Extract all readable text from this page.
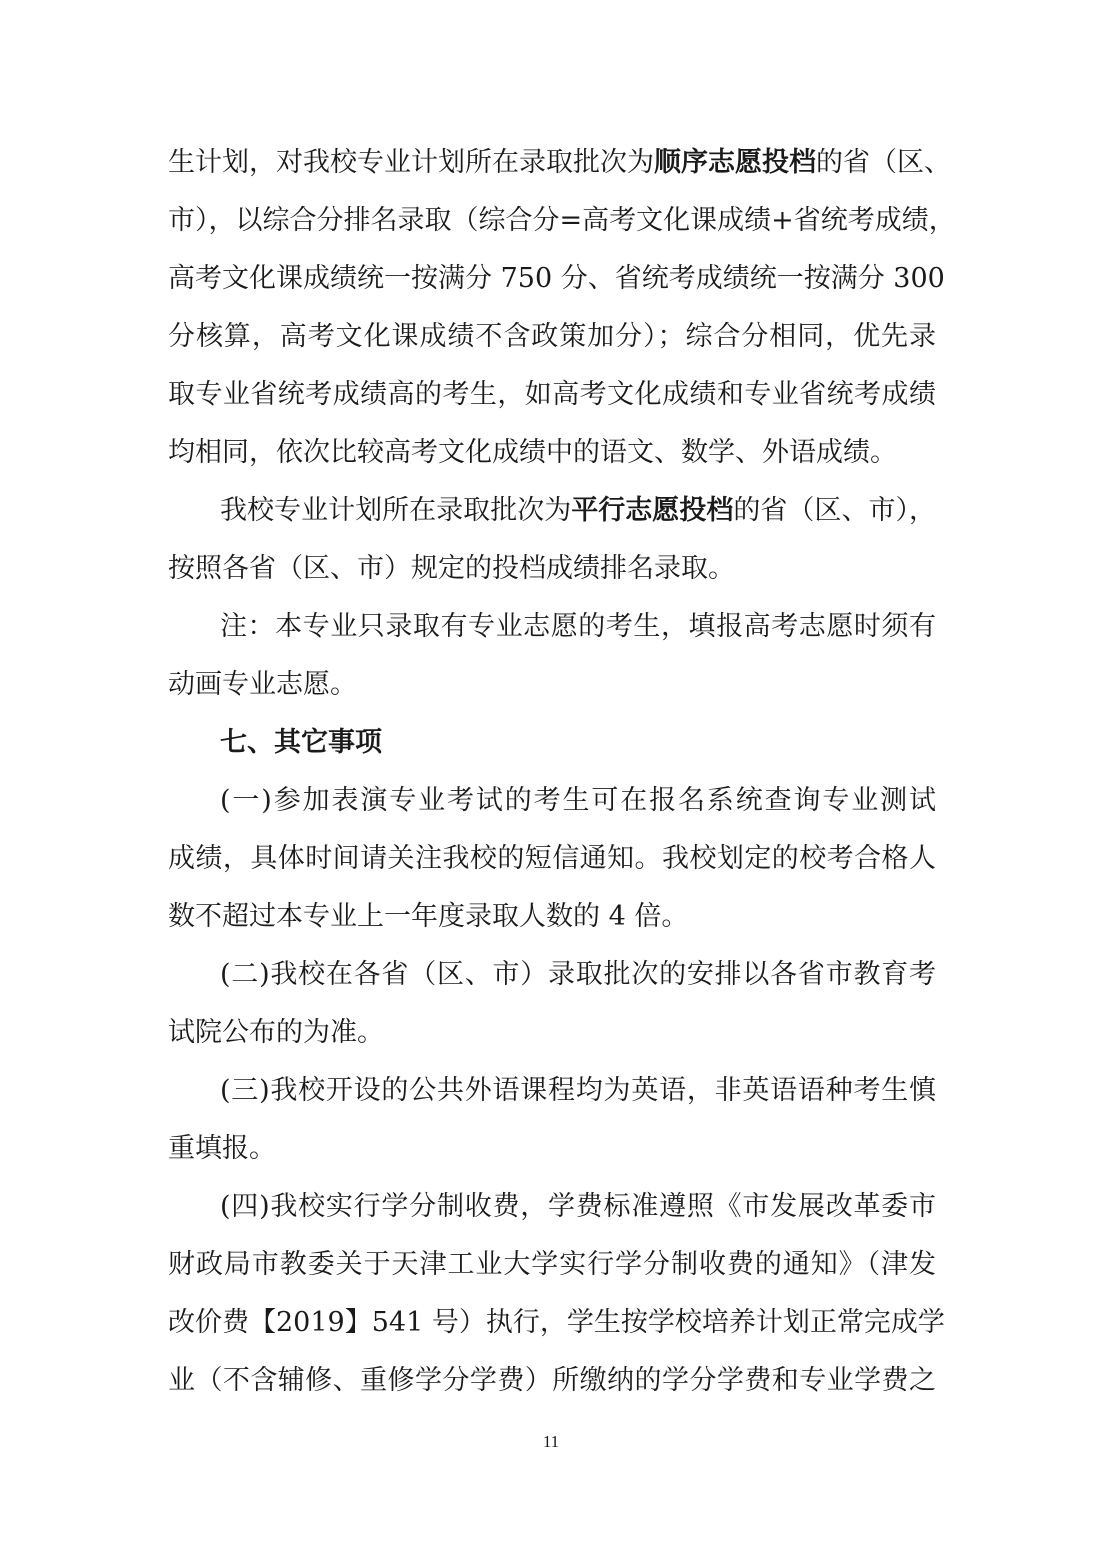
生计划，对我校专业计划所在录取批次为顺序志愿投档的省（区、
市），以综合分排名录取（综合分=高考文化课成绩+省统考成绩，
高考文化课成绩统一按满分 750 分、省统考成绩统一按满分 300
分核算，高考文化课成绩不含政策加分）；综合分相同，优先录
取专业省统考成绩高的考生，如高考文化成绩和专业省统考成绩
均相同，依次比较高考文化成绩中的语文、数学、外语成绩。
我校专业计划所在录取批次为平行志愿投档的省（区、市），
按照各省（区、市）规定的投档成绩排名录取。
注：本专业只录取有专业志愿的考生，填报高考志愿时须有
动画专业志愿。
七、其它事项
(一)参加表演专业考试的考生可在报名系统查询专业测试
成绩，具体时间请关注我校的短信通知。我校划定的校考合格人
数不超过本专业上一年度录取人数的 4 倍。
(二)我校在各省（区、市）录取批次的安排以各省市教育考
试院公布的为准。
(三)我校开设的公共外语课程均为英语，非英语语种考生慎
重填报。
(四)我校实行学分制收费，学费标准遵照《市发展改革委市
财政局市教委关于天津工业大学实行学分制收费的通知》（津发
改价费【2019】541 号）执行，学生按学校培养计划正常完成学
业（不含辅修、重修学分学费）所缴纳的学分学费和专业学费之
11
